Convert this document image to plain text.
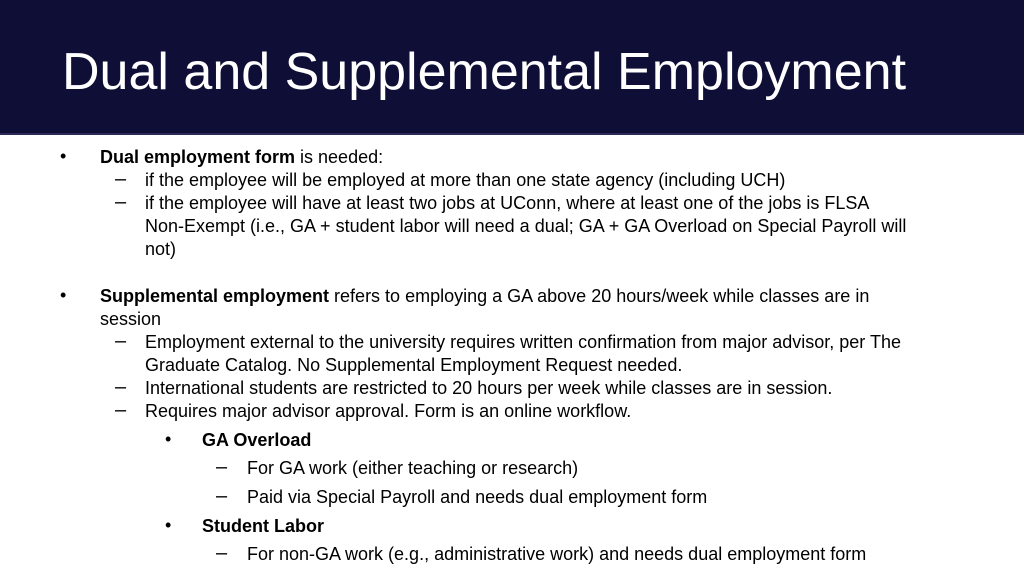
Dual and Supplemental Employment
• Dual employment form is needed:
– if the employee will be employed at more than one state agency (including UCH)
– if the employee will have at least two jobs at UConn, where at least one of the jobs is FLSA
Non-Exempt (i.e., GA + student labor will need a dual; GA + GA Overload on Special Payroll will
not)
• Supplemental employment refers to employing a GA above 20 hours/week while classes are in
session
– Employment external to the university requires written confirmation from major advisor, per The
Graduate Catalog. No Supplemental Employment Request needed.
– International students are restricted to 20 hours per week while classes are in session.
– Requires major advisor approval. Form is an online workflow.
• GA Overload
– For GA work (either teaching or research)
– Paid via Special Payroll and needs dual employment form
• Student Labor
– For non-GA work (e.g., administrative work) and needs dual employment form
